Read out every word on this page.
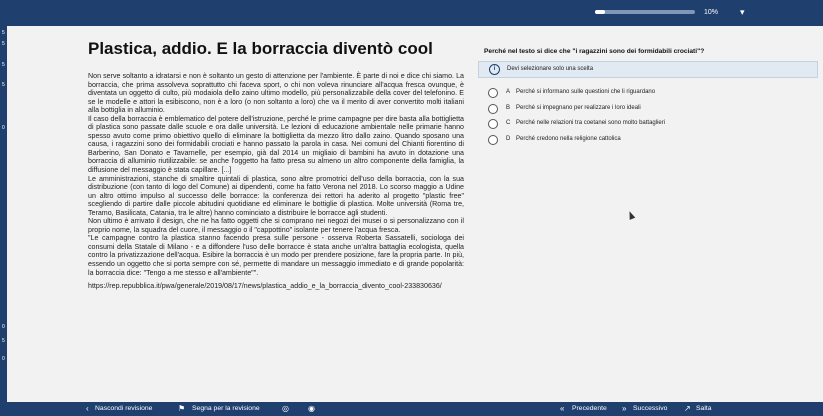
10% ▾
5
5
5
5
0
0
5
0
Plastica, addio. E la borraccia diventò cool

Non serve soltanto a idratarsi e non è soltanto un gesto di attenzione per l'ambiente. È parte di noi e dice chi siamo. La borraccia, che prima assolveva soprattutto chi faceva sport, o chi non voleva rinunciare all'acqua fresca ovunque, è diventata un oggetto di culto, più modaiola dello zaino ultimo modello, più personalizzabile della cover del telefonino. E se le modelle e attori la esibiscono, non è a loro (o non soltanto a loro) che va il merito di aver convertito molti italiani alla bottiglia in alluminio.

Il caso della borraccia è emblematico del potere dell'istruzione, perché le prime campagne per dire basta alla bottiglietta di plastica sono passate dalle scuole e ora dalle università. Le lezioni di educazione ambientale nelle primarie hanno spesso avuto come primo obiettivo quello di eliminare la bottiglietta da mezzo litro dallo zaino. Quando sposano una causa, i ragazzini sono dei formidabili crociati e hanno passato la parola in casa. Nei comuni del Chianti fiorentino di Barberino, San Donato e Tavarnelle, per esempio, già dal 2014 un migliaio di bambini ha avuto in dotazione una borraccia di alluminio riutilizzabile: se anche l'oggetto ha fatto presa su almeno un altro componente della famiglia, la diffusione del messaggio è stata capillare. [...]

Le amministrazioni, stanche di smaltire quintali di plastica, sono altre promotrici dell'uso della borraccia, con la sua distribuzione (con tanto di logo del Comune) ai dipendenti, come ha fatto Verona nel 2018. Lo scorso maggio a Udine un altro ottimo impulso al successo delle borracce: la conferenza dei rettori ha aderito al progetto "plastic free" scegliendo di partire dalle piccole abitudini quotidiane ed eliminare le bottiglie di plastica. Molte università (Roma tre, Teramo, Basilicata, Catania, tra le altre) hanno cominciato a distribuire le borracce agli studenti.

Non ultimo è arrivato il design, che ne ha fatto oggetti che si comprano nei negozi dei musei o si personalizzano con il proprio nome, la squadra del cuore, il messaggio o il "cappottino" isolante per tenere l'acqua fresca.

"Le campagne contro la plastica stanno facendo presa sulle persone - osserva Roberta Sassatelli, sociologa dei consumi della Statale di Milano - e a diffondere l'uso delle borracce è stata anche un'altra battaglia ecologista, quella contro la privatizzazione dell'acqua. Esibire la borraccia è un modo per prendere posizione, fare la propria parte. In più, essendo un oggetto che si porta sempre con sé, permette di mandare un messaggio immediato e di grande popolarità: la borraccia dice: "Tengo a me stesso e all'ambiente"".

https://rep.repubblica.it/pwa/generale/2019/08/17/news/plastica_addio_e_la_borraccia_divento_cool-233830636/

Perché nel testo si dice che "i ragazzini sono dei formidabili crociati"?
i	Devi selezionare solo una scelta
A Perché si informano sulle questioni che li riguardano
B Perché si impegnano per realizzare i loro ideali
C Perché nelle relazioni tra coetanei sono molto battaglieri
D Perché credono nella religione cattolica
‹ Nascondi revisione	⚑ Segna per la revisione	◎ ◉	« Precedente » Successivo ↗ Salta
